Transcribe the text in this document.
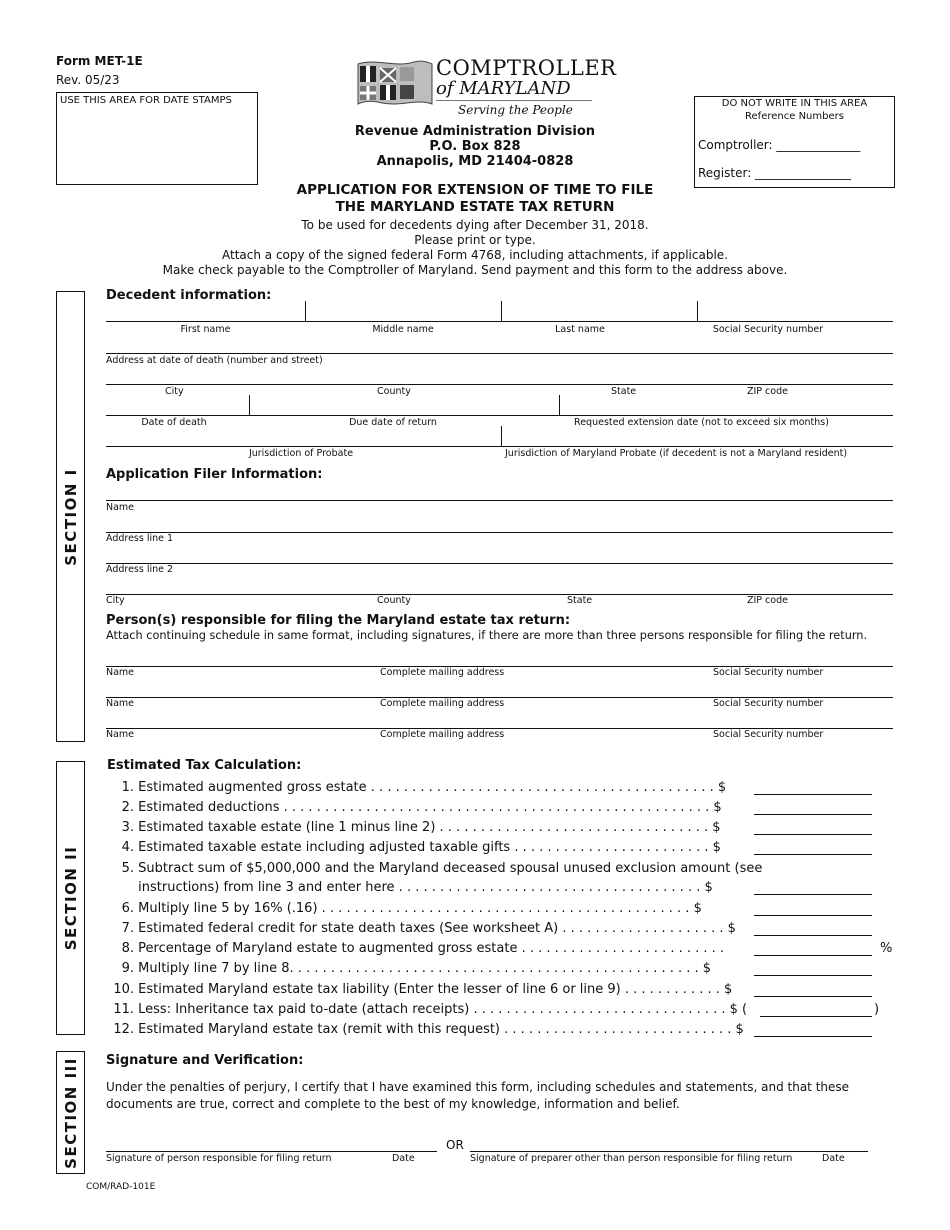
Form MET-1E
Rev. 05/23
USE THIS AREA FOR DATE STAMPS
COMPTROLLER
of MARYLAND
Serving the People
Revenue Administration Division
P.O. Box 828
Annapolis, MD 21404-0828
DO NOT WRITE IN THIS AREA
Reference Numbers
Comptroller: ______________
Register: ________________
APPLICATION FOR EXTENSION OF TIME TO FILE
THE MARYLAND ESTATE TAX RETURN
To be used for decedents dying after December 31, 2018.
Please print or type.
Attach a copy of the signed federal Form 4768, including attachments, if applicable.
Make check payable to the Comptroller of Maryland. Send payment and this form to the address above.
SECTION I
Decedent information:
First name	Middle name	Last name	Social Security number
Address at date of death (number and street)
City	County	State	ZIP code
Date of death	Due date of return	Requested extension date (not to exceed six months)
Jurisdiction of Probate	Jurisdiction of Maryland Probate (if decedent is not a Maryland resident)
Application Filer Information:
Name
Address line 1
Address line 2
City	County	State	ZIP code
Person(s) responsible for filing the Maryland estate tax return:
Attach continuing schedule in same format, including signatures, if there are more than three persons responsible for filing the return.
Name	Complete mailing address	Social Security number
Name	Complete mailing address	Social Security number
Name	Complete mailing address	Social Security number
SECTION II
Estimated Tax Calculation:
1. Estimated augmented gross estate . . . . . . . . . . . . . . . . . . . . . . . . . . . . . . . . . . . . . . . . . . $
2. Estimated deductions . . . . . . . . . . . . . . . . . . . . . . . . . . . . . . . . . . . . . . . . . . . . . . . . . . . . $
3. Estimated taxable estate (line 1 minus line 2) . . . . . . . . . . . . . . . . . . . . . . . . . . . . . . . . . $
4. Estimated taxable estate including adjusted taxable gifts . . . . . . . . . . . . . . . . . . . . . . . . $
5. Subtract sum of $5,000,000 and the Maryland deceased spousal unused exclusion amount (see
instructions) from line 3 and enter here . . . . . . . . . . . . . . . . . . . . . . . . . . . . . . . . . . . . . $
6. Multiply line 5 by 16% (.16) . . . . . . . . . . . . . . . . . . . . . . . . . . . . . . . . . . . . . . . . . . . . . $
7. Estimated federal credit for state death taxes (See worksheet A) . . . . . . . . . . . . . . . . . . . . $
8. Percentage of Maryland estate to augmented gross estate . . . . . . . . . . . . . . . . . . . . . . . . .	%
9. Multiply line 7 by line 8. . . . . . . . . . . . . . . . . . . . . . . . . . . . . . . . . . . . . . . . . . . . . . . . . . $
10. Estimated Maryland estate tax liability (Enter the lesser of line 6 or line 9) . . . . . . . . . . . . $
11. Less: Inheritance tax paid to-date (attach receipts) . . . . . . . . . . . . . . . . . . . . . . . . . . . . . . . $ (	)
12. Estimated Maryland estate tax (remit with this request) . . . . . . . . . . . . . . . . . . . . . . . . . . . . $
SECTION III Signature and Verification:
Under the penalties of perjury, I certify that I have examined this form, including schedules and statements, and that these documents are true, correct and complete to the best of my knowledge, information and belief.
OR
Signature of person responsible for filing return	Date	Signature of preparer other than person responsible for filing return	Date
COM/RAD-101E
